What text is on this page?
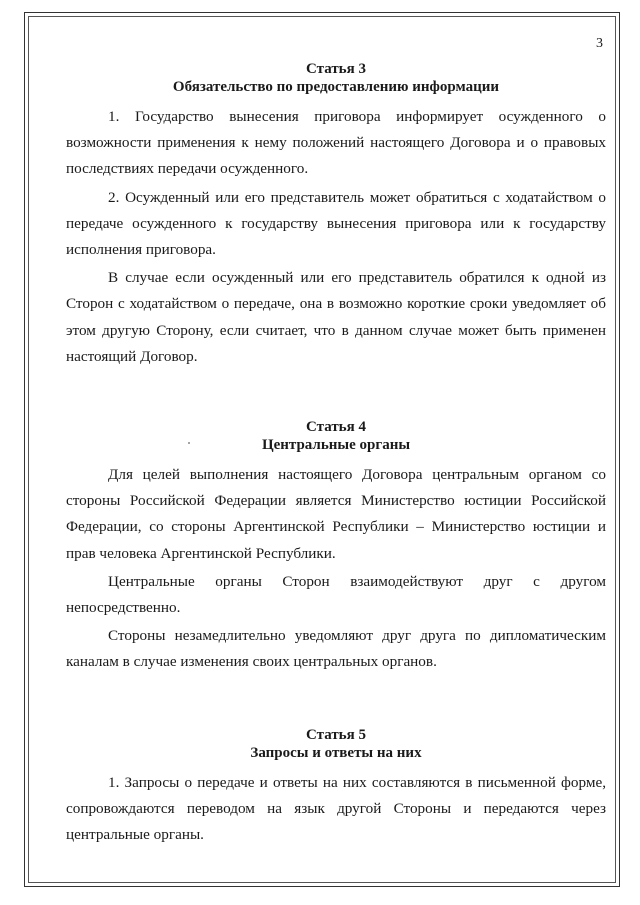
3
Статья 3
Обязательство по предоставлению информации

1. Государство вынесения приговора информирует осужденного о возможности применения к нему положений настоящего Договора и о правовых последствиях передачи осужденного.

2. Осужденный или его представитель может обратиться с ходатайством о передаче осужденного к государству вынесения приговора или к государству исполнения приговора.

В случае если осужденный или его представитель обратился к одной из Сторон с ходатайством о передаче, она в возможно короткие сроки уведомляет об этом другую Сторону, если считает, что в данном случае может быть применен настоящий Договор.

Статья 4
Центральные органы

Для целей выполнения настоящего Договора центральным органом со стороны Российской Федерации является Министерство юстиции Российской Федерации, со стороны Аргентинской Республики – Министерство юстиции и прав человека Аргентинской Республики.

Центральные органы Сторон взаимодействуют друг с другом непосредственно.

Стороны незамедлительно уведомляют друг друга по дипломатическим каналам в случае изменения своих центральных органов.

Статья 5
Запросы и ответы на них

1. Запросы о передаче и ответы на них составляются в письменной форме, сопровождаются переводом на язык другой Стороны и передаются через центральные органы.
